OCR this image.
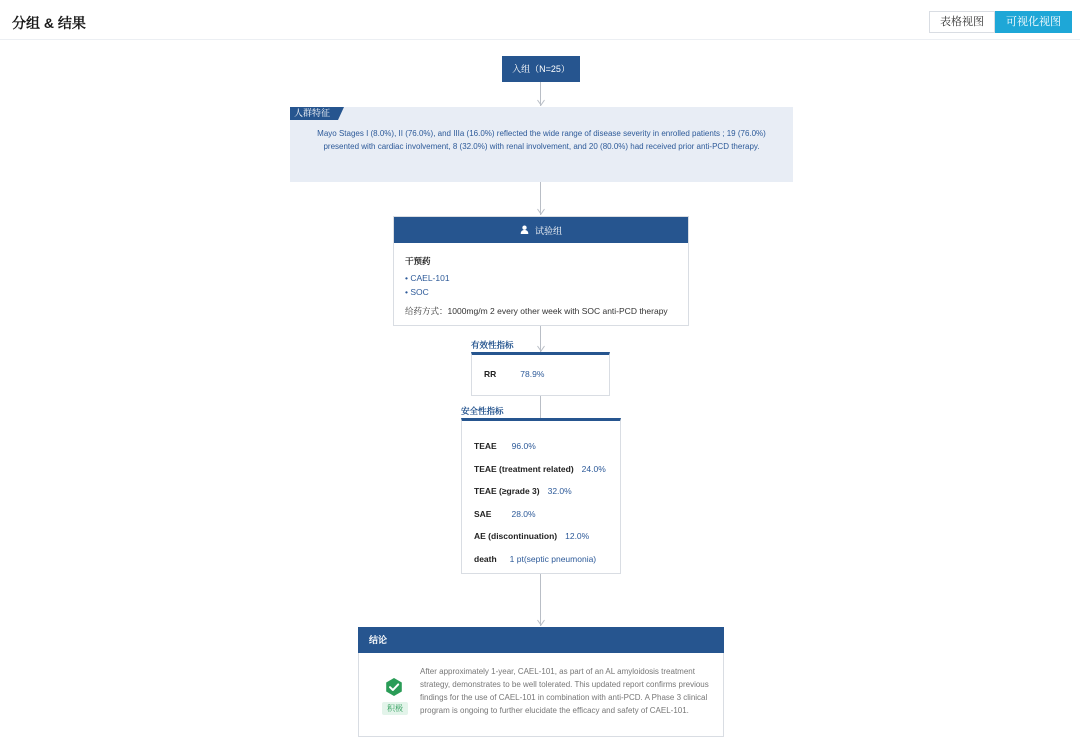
分组 & 结果	表格视图	可视化视图
入组（N=25）
人群特征
Mayo Stages I (8.0%), II (76.0%), and IIIa (16.0%) reflected the wide range of disease severity in enrolled patients ; 19 (76.0%) presented with cardiac involvement, 8 (32.0%) with renal involvement, and 20 (80.0%) had received prior anti-PCD therapy.
试验组
干预药
• CAEL-101
• SOC
给药方式：1000mg/m 2 every other week with SOC anti-PCD therapy
有效性指标
RR	78.9%
安全性指标
TEAE 96.0%
TEAE (treatment related) 24.0%
TEAE (≥grade 3) 32.0%
SAE 28.0%
AE (discontinuation) 12.0%
death 1 pt(septic pneumonia)
结论
积极
After approximately 1-year, CAEL-101, as part of an AL amyloidosis treatment strategy, demonstrates to be well tolerated. This updated report confirms previous findings for the use of CAEL-101 in combination with anti-PCD. A Phase 3 clinical program is ongoing to further elucidate the efficacy and safety of CAEL-101.
